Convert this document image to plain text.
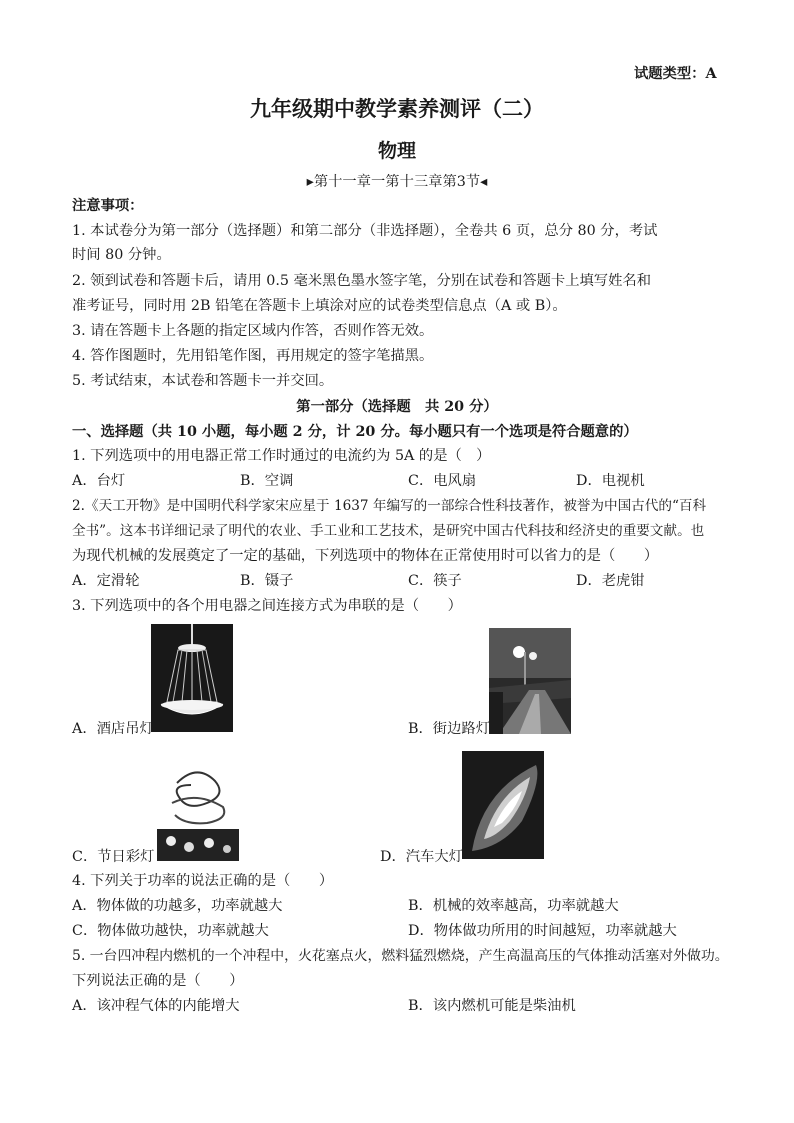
试题类型：A
九年级期中教学素养测评（二）
物理
▸第十一章一第十三章第3节◂
注意事项：
1. 本试卷分为第一部分（选择题）和第二部分（非选择题），全卷共 6 页，总分 80 分，考试
时间 80 分钟。
2. 领到试卷和答题卡后，请用 0.5 毫米黑色墨水签字笔，分别在试卷和答题卡上填写姓名和
准考证号，同时用 2B 铅笔在答题卡上填涂对应的试卷类型信息点（A 或 B）。
3. 请在答题卡上各题的指定区域内作答，否则作答无效。
4. 答作图题时，先用铅笔作图，再用规定的签字笔描黑。
5. 考试结束，本试卷和答题卡一并交回。
第一部分（选择题　共 20 分）
一、选择题（共 10 小题，每小题 2 分，计 20 分。每小题只有一个选项是符合题意的）
1. 下列选项中的用电器正常工作时通过的电流约为 5A 的是（　）
A．台灯	B．空调	C．电风扇	D．电视机
2.《天工开物》是中国明代科学家宋应星于 1637 年编写的一部综合性科技著作，被誉为中国古代的“百科
全书”。这本书详细记录了明代的农业、手工业和工艺技术，是研究中国古代科技和经济史的重要文献。也
为现代机械的发展奠定了一定的基础，下列选项中的物体在正常使用时可以省力的是（　　）
A．定滑轮	B．镊子	C．筷子	D．老虎钳
3. 下列选项中的各个用电器之间连接方式为串联的是（　　）
A．酒店吊灯	B．街边路灯
C．节日彩灯	D．汽车大灯
4. 下列关于功率的说法正确的是（　　）
A．物体做的功越多，功率就越大	B．机械的效率越高，功率就越大
C．物体做功越快，功率就越大	D．物体做功所用的时间越短，功率就越大
5. 一台四冲程内燃机的一个冲程中，火花塞点火，燃料猛烈燃烧，产生高温高压的气体推动活塞对外做功。
下列说法正确的是（　　）
A．该冲程气体的内能增大	B．该内燃机可能是柴油机
